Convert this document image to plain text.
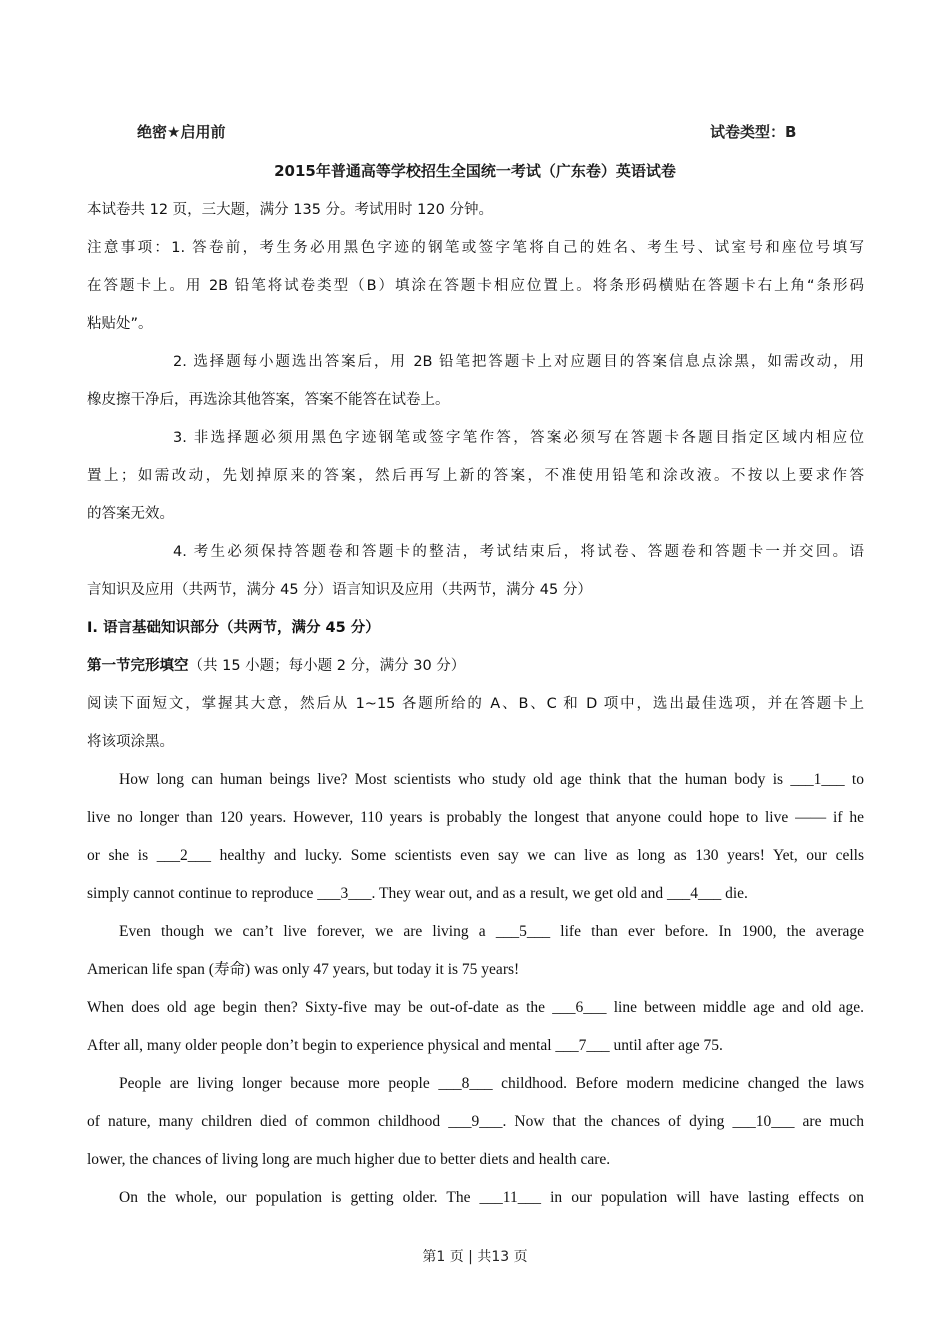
绝密★启用前	试卷类型：B
2015年普通高等学校招生全国统一考试（广东卷）英语试卷
本试卷共 12 页，三大题，满分 135 分。考试用时 120 分钟。
注意事项：1. 答卷前，考生务必用黑色字迹的钢笔或签字笔将自己的姓名、考生号、试室号和座位号填写
在答题卡上。用 2B 铅笔将试卷类型（B）填涂在答题卡相应位置上。将条形码横贴在答题卡右上角“条形码
粘贴处”。
2. 选择题每小题选出答案后，用 2B 铅笔把答题卡上对应题目的答案信息点涂黑，如需改动，用
橡皮擦干净后，再选涂其他答案，答案不能答在试卷上。
3. 非选择题必须用黑色字迹钢笔或签字笔作答，答案必须写在答题卡各题目指定区域内相应位
置上；如需改动，先划掉原来的答案，然后再写上新的答案，不准使用铅笔和涂改液。不按以上要求作答
的答案无效。
4. 考生必须保持答题卷和答题卡的整洁，考试结束后，将试卷、答题卷和答题卡一并交回。语
言知识及应用（共两节，满分 45 分）语言知识及应用（共两节，满分 45 分）
Ⅰ. 语言基础知识部分（共两节，满分 45 分）
第一节完形填空（共 15 小题；每小题 2 分，满分 30 分）
阅读下面短文，掌握其大意，然后从 1~15 各题所给的 A、B、C 和 D 项中，选出最佳选项，并在答题卡上
将该项涂黑。
How long can human beings live? Most scientists who study old age think that the human body is ___1___ to
live no longer than 120 years. However, 110 years is probably the longest that anyone could hope to live —— if he
or she is ___2___ healthy and lucky. Some scientists even say we can live as long as 130 years! Yet, our cells
simply cannot continue to reproduce ___3___. They wear out, and as a result, we get old and ___4___ die.
Even though we can’t live forever, we are living a ___5___ life than ever before. In 1900, the average
American life span (寿命) was only 47 years, but today it is 75 years!
When does old age begin then? Sixty-five may be out-of-date as the ___6___ line between middle age and old age.
After all, many older people don’t begin to experience physical and mental ___7___ until after age 75.
People are living longer because more people ___8___ childhood. Before modern medicine changed the laws
of nature, many children died of common childhood ___9___. Now that the chances of dying ___10___ are much
lower, the chances of living long are much higher due to better diets and health care.
On the whole, our population is getting older. The ___11___ in our population will have lasting effects on
第1 页 | 共13 页
